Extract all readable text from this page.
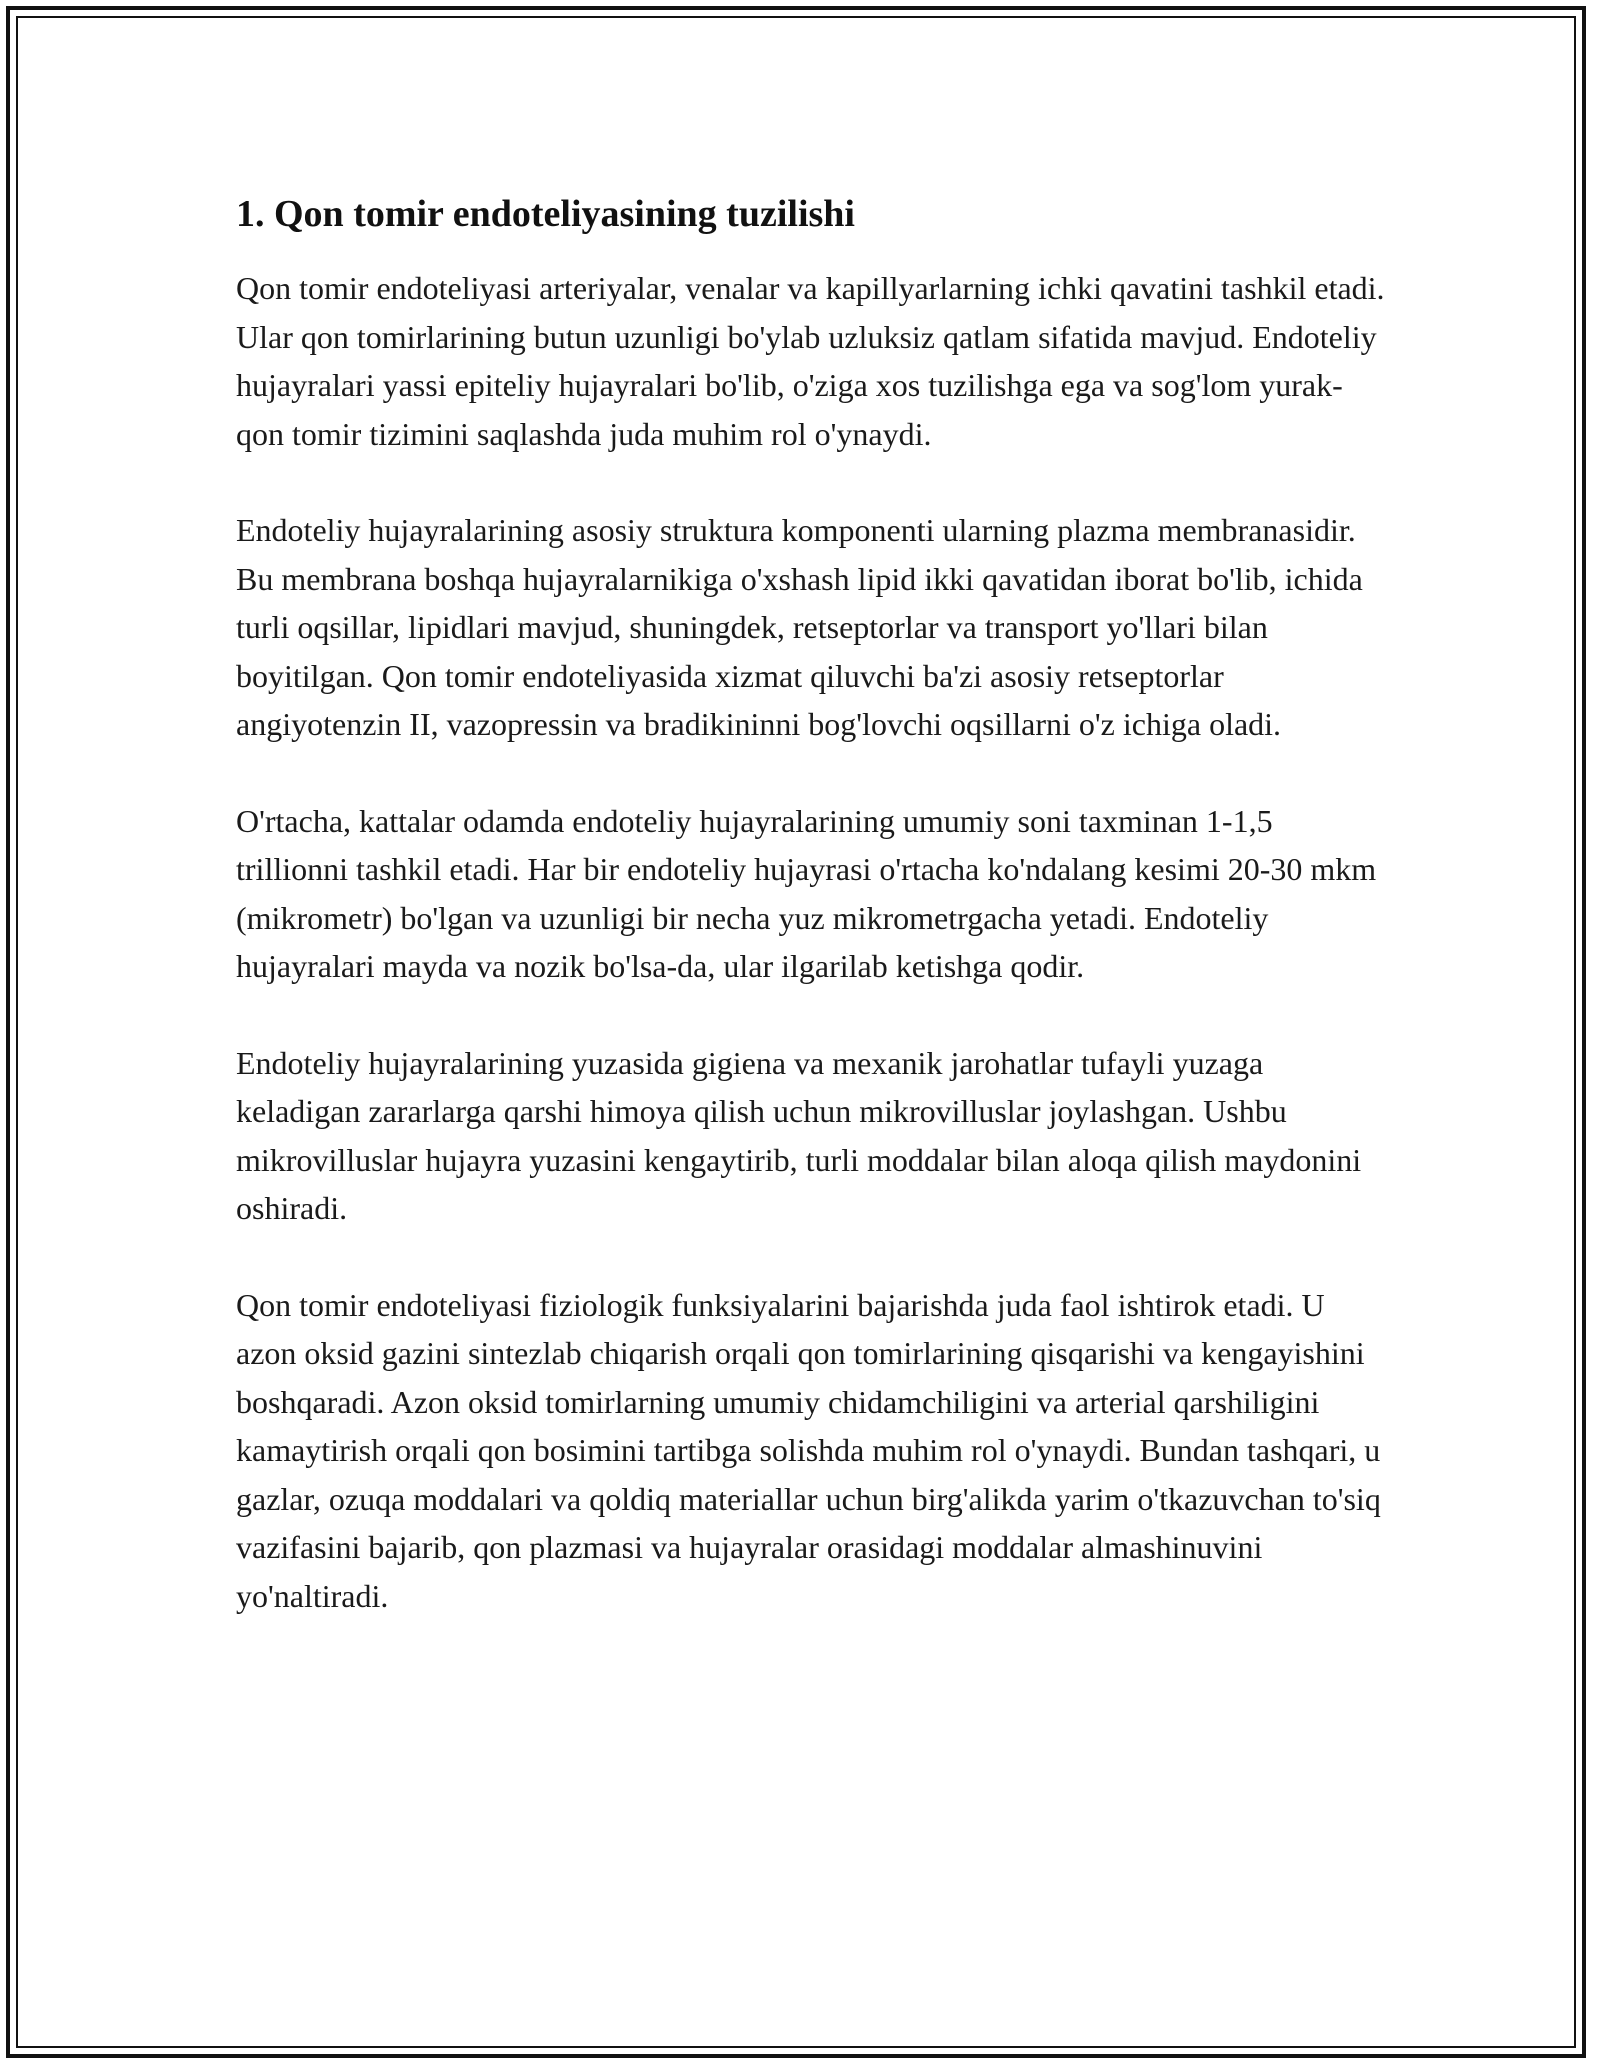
1. Qon tomir endoteliyasining tuzilishi

Qon tomir endoteliyasi arteriyalar, venalar va kapillyarlarning ichki qavatini tashkil etadi. Ular qon tomirlarining butun uzunligi bo'ylab uzluksiz qatlam sifatida mavjud. Endoteliy hujayralari yassi epiteliy hujayralari bo'lib, o'ziga xos tuzilishga ega va sog'lom yurak-qon tomir tizimini saqlashda juda muhim rol o'ynaydi.

Endoteliy hujayralarining asosiy struktura komponenti ularning plazma membranasidir. Bu membrana boshqa hujayralarnikiga o'xshash lipid ikki qavatidan iborat bo'lib, ichida turli oqsillar, lipidlari mavjud, shuningdek, retseptorlar va transport yo'llari bilan boyitilgan. Qon tomir endoteliyasida xizmat qiluvchi ba'zi asosiy retseptorlar angiyotenzin II, vazopressin va bradikininni bog'lovchi oqsillarni o'z ichiga oladi.

O'rtacha, kattalar odamda endoteliy hujayralarining umumiy soni taxminan 1-1,5 trillionni tashkil etadi. Har bir endoteliy hujayrasi o'rtacha ko'ndalang kesimi 20-30 mkm (mikrometr) bo'lgan va uzunligi bir necha yuz mikrometrgacha yetadi. Endoteliy hujayralari mayda va nozik bo'lsa-da, ular ilgarilab ketishga qodir.

Endoteliy hujayralarining yuzasida gigiena va mexanik jarohatlar tufayli yuzaga keladigan zararlarga qarshi himoya qilish uchun mikrovilluslar joylashgan. Ushbu mikrovilluslar hujayra yuzasini kengaytirib, turli moddalar bilan aloqa qilish maydonini oshiradi.

Qon tomir endoteliyasi fiziologik funksiyalarini bajarishda juda faol ishtirok etadi. U azon oksid gazini sintezlab chiqarish orqali qon tomirlarining qisqarishi va kengayishini boshqaradi. Azon oksid tomirlarning umumiy chidamchiligini va arterial qarshiligini kamaytirish orqali qon bosimini tartibga solishda muhim rol o'ynaydi. Bundan tashqari, u gazlar, ozuqa moddalari va qoldiq materiallar uchun birg'alikda yarim o'tkazuvchan to'siq vazifasini bajarib, qon plazmasi va hujayralar orasidagi moddalar almashinuvini yo'naltiradi.
